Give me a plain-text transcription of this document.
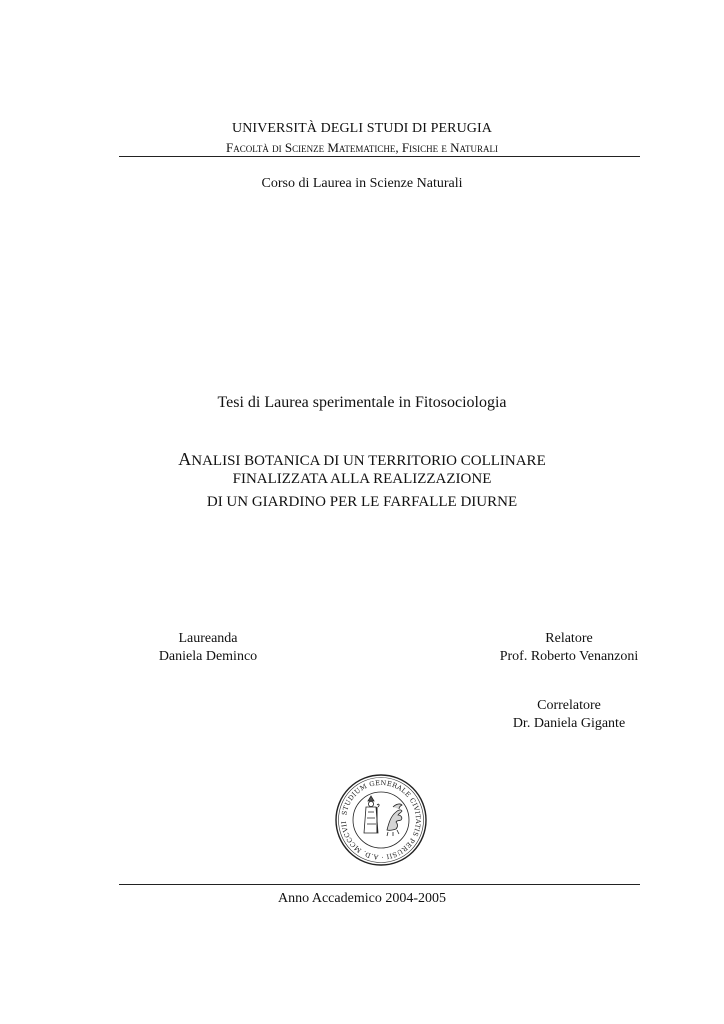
UNIVERSITÀ DEGLI STUDI DI PERUGIA
Facoltà di Scienze Matematiche, Fisiche e Naturali
Corso di Laurea in Scienze Naturali
Tesi di Laurea sperimentale in Fitosociologia
ANALISI BOTANICA DI UN TERRITORIO COLLINARE
FINALIZZATA ALLA REALIZZAZIONE
DI UN GIARDINO PER LE FARFALLE DIURNE
Laureanda
Daniela Deminco
Relatore
Prof. Roberto Venanzoni
Correlatore
Dr. Daniela Gigante
STUDIUM GENERALE CIVITATIS PERUSII · A.D. MCCCVII
Anno Accademico 2004-2005
